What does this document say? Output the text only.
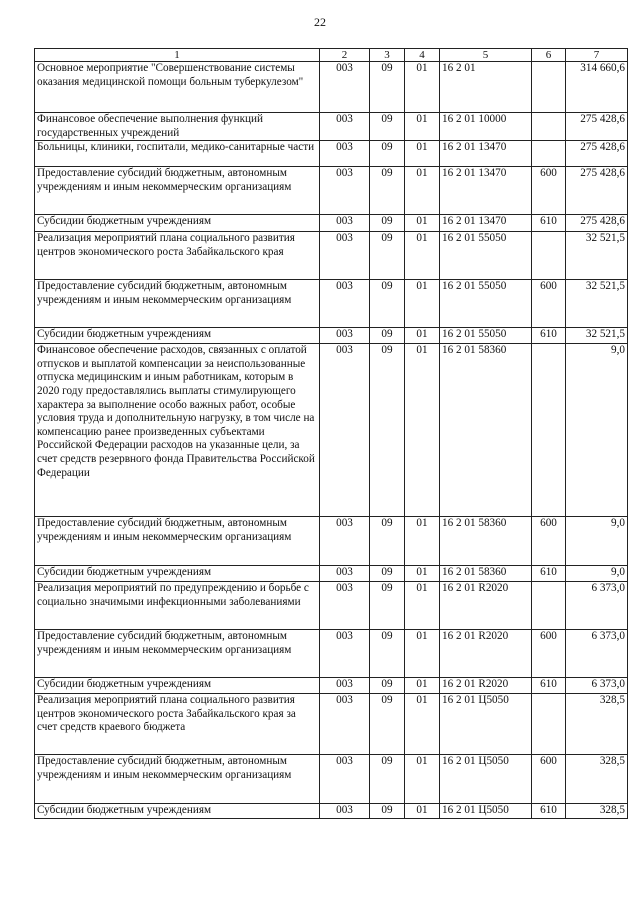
22
1	2	3	4	5	6	7
Основное мероприятие "Совершенствование системы оказания медицинской помощи больным туберкулезом"	003	09	01	16 2 01		314 660,6
Финансовое обеспечение выполнения функций государственных учреждений	003	09	01	16 2 01 10000		275 428,6
Больницы, клиники, госпитали, медико-санитарные части	003	09	01	16 2 01 13470		275 428,6
Предоставление субсидий бюджетным, автономным учреждениям и иным некоммерческим организациям	003	09	01	16 2 01 13470	600	275 428,6
Субсидии бюджетным учреждениям	003	09	01	16 2 01 13470	610	275 428,6
Реализация мероприятий плана социального развития центров экономического роста Забайкальского края	003	09	01	16 2 01 55050		32 521,5
Предоставление субсидий бюджетным, автономным учреждениям и иным некоммерческим организациям	003	09	01	16 2 01 55050	600	32 521,5
Субсидии бюджетным учреждениям	003	09	01	16 2 01 55050	610	32 521,5
Финансовое обеспечение расходов, связанных с оплатой отпусков и выплатой компенсации за неиспользованные отпуска медицинским и иным работникам, которым в 2020 году предоставлялись выплаты стимулирующего характера за выполнение особо важных работ, особые условия труда и дополнительную нагрузку, в том числе на компенсацию ранее произведенных субъектами Российской Федерации расходов на указанные цели, за счет средств резервного фонда Правительства Российской Федерации	003	09	01	16 2 01 58360		9,0
Предоставление субсидий бюджетным, автономным учреждениям и иным некоммерческим организациям	003	09	01	16 2 01 58360	600	9,0
Субсидии бюджетным учреждениям	003	09	01	16 2 01 58360	610	9,0
Реализация мероприятий по предупреждению и борьбе с социально значимыми инфекционными заболеваниями	003	09	01	16 2 01 R2020		6 373,0
Предоставление субсидий бюджетным, автономным учреждениям и иным некоммерческим организациям	003	09	01	16 2 01 R2020	600	6 373,0
Субсидии бюджетным учреждениям	003	09	01	16 2 01 R2020	610	6 373,0
Реализация мероприятий плана социального развития центров экономического роста Забайкальского края за счет средств краевого бюджета	003	09	01	16 2 01 Ц5050		328,5
Предоставление субсидий бюджетным, автономным учреждениям и иным некоммерческим организациям	003	09	01	16 2 01 Ц5050	600	328,5
Субсидии бюджетным учреждениям	003	09	01	16 2 01 Ц5050	610	328,5
